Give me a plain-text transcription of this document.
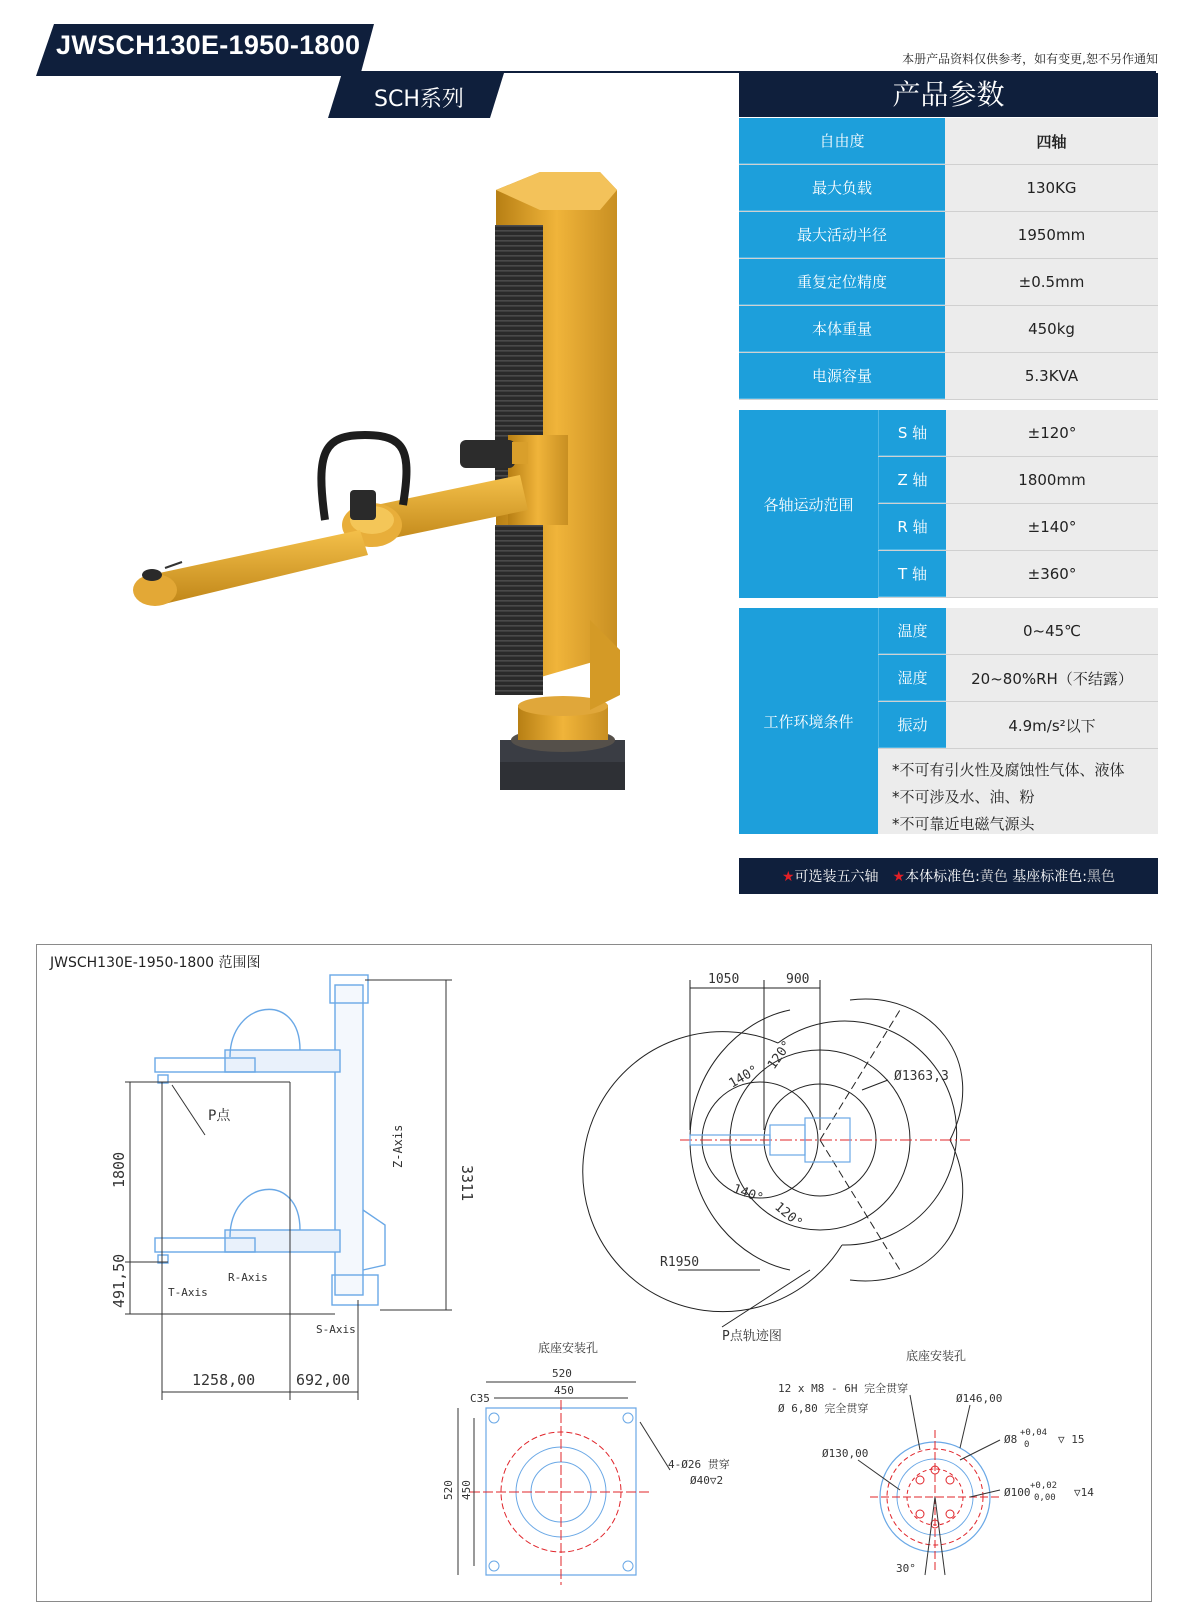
JWSCH130E-1950-1800	本册产品资料仅供参考，如有变更,恕不另作通知
SCH系列	产品参数
自由度	四轴
最大负载	130KG
最大活动半径	1950mm
重复定位精度	±0.5mm
本体重量	450kg
电源容量	5.3KVA
各轴运动范围
S 轴	±120°
Z 轴	1800mm
R 轴	±140°
T 轴	±360°
工作环境条件
温度	0~45℃
湿度	20~80%RH（不结露）
振动	4.9m/s²以下
*不可有引火性及腐蚀性气体、液体
*不可涉及水、油、粉
*不可靠近电磁气源头
★可选装五六轴 ★本体标准色:黄色 基座标准色:黑色
JWSCH130E-1950-1800 范围图
1800
491,50
3311
1258,00	692,00
P点
Z-Axis
R-Axis
T-Axis
S-Axis
1050	900
Ø1363,3
120°
140°
140°
120°
R1950
P点轨迹图
底座安装孔
520
450
C35
520 450
4-Ø26 贯穿
Ø40▽2
底座安装孔
12 x M8 - 6H 完全贯穿
Ø 6,80 完全贯穿
Ø146,00
Ø130,00
Ø8 +0,04
0	▽ 15
Ø100 +0,02
0,00 ▽14
30°
